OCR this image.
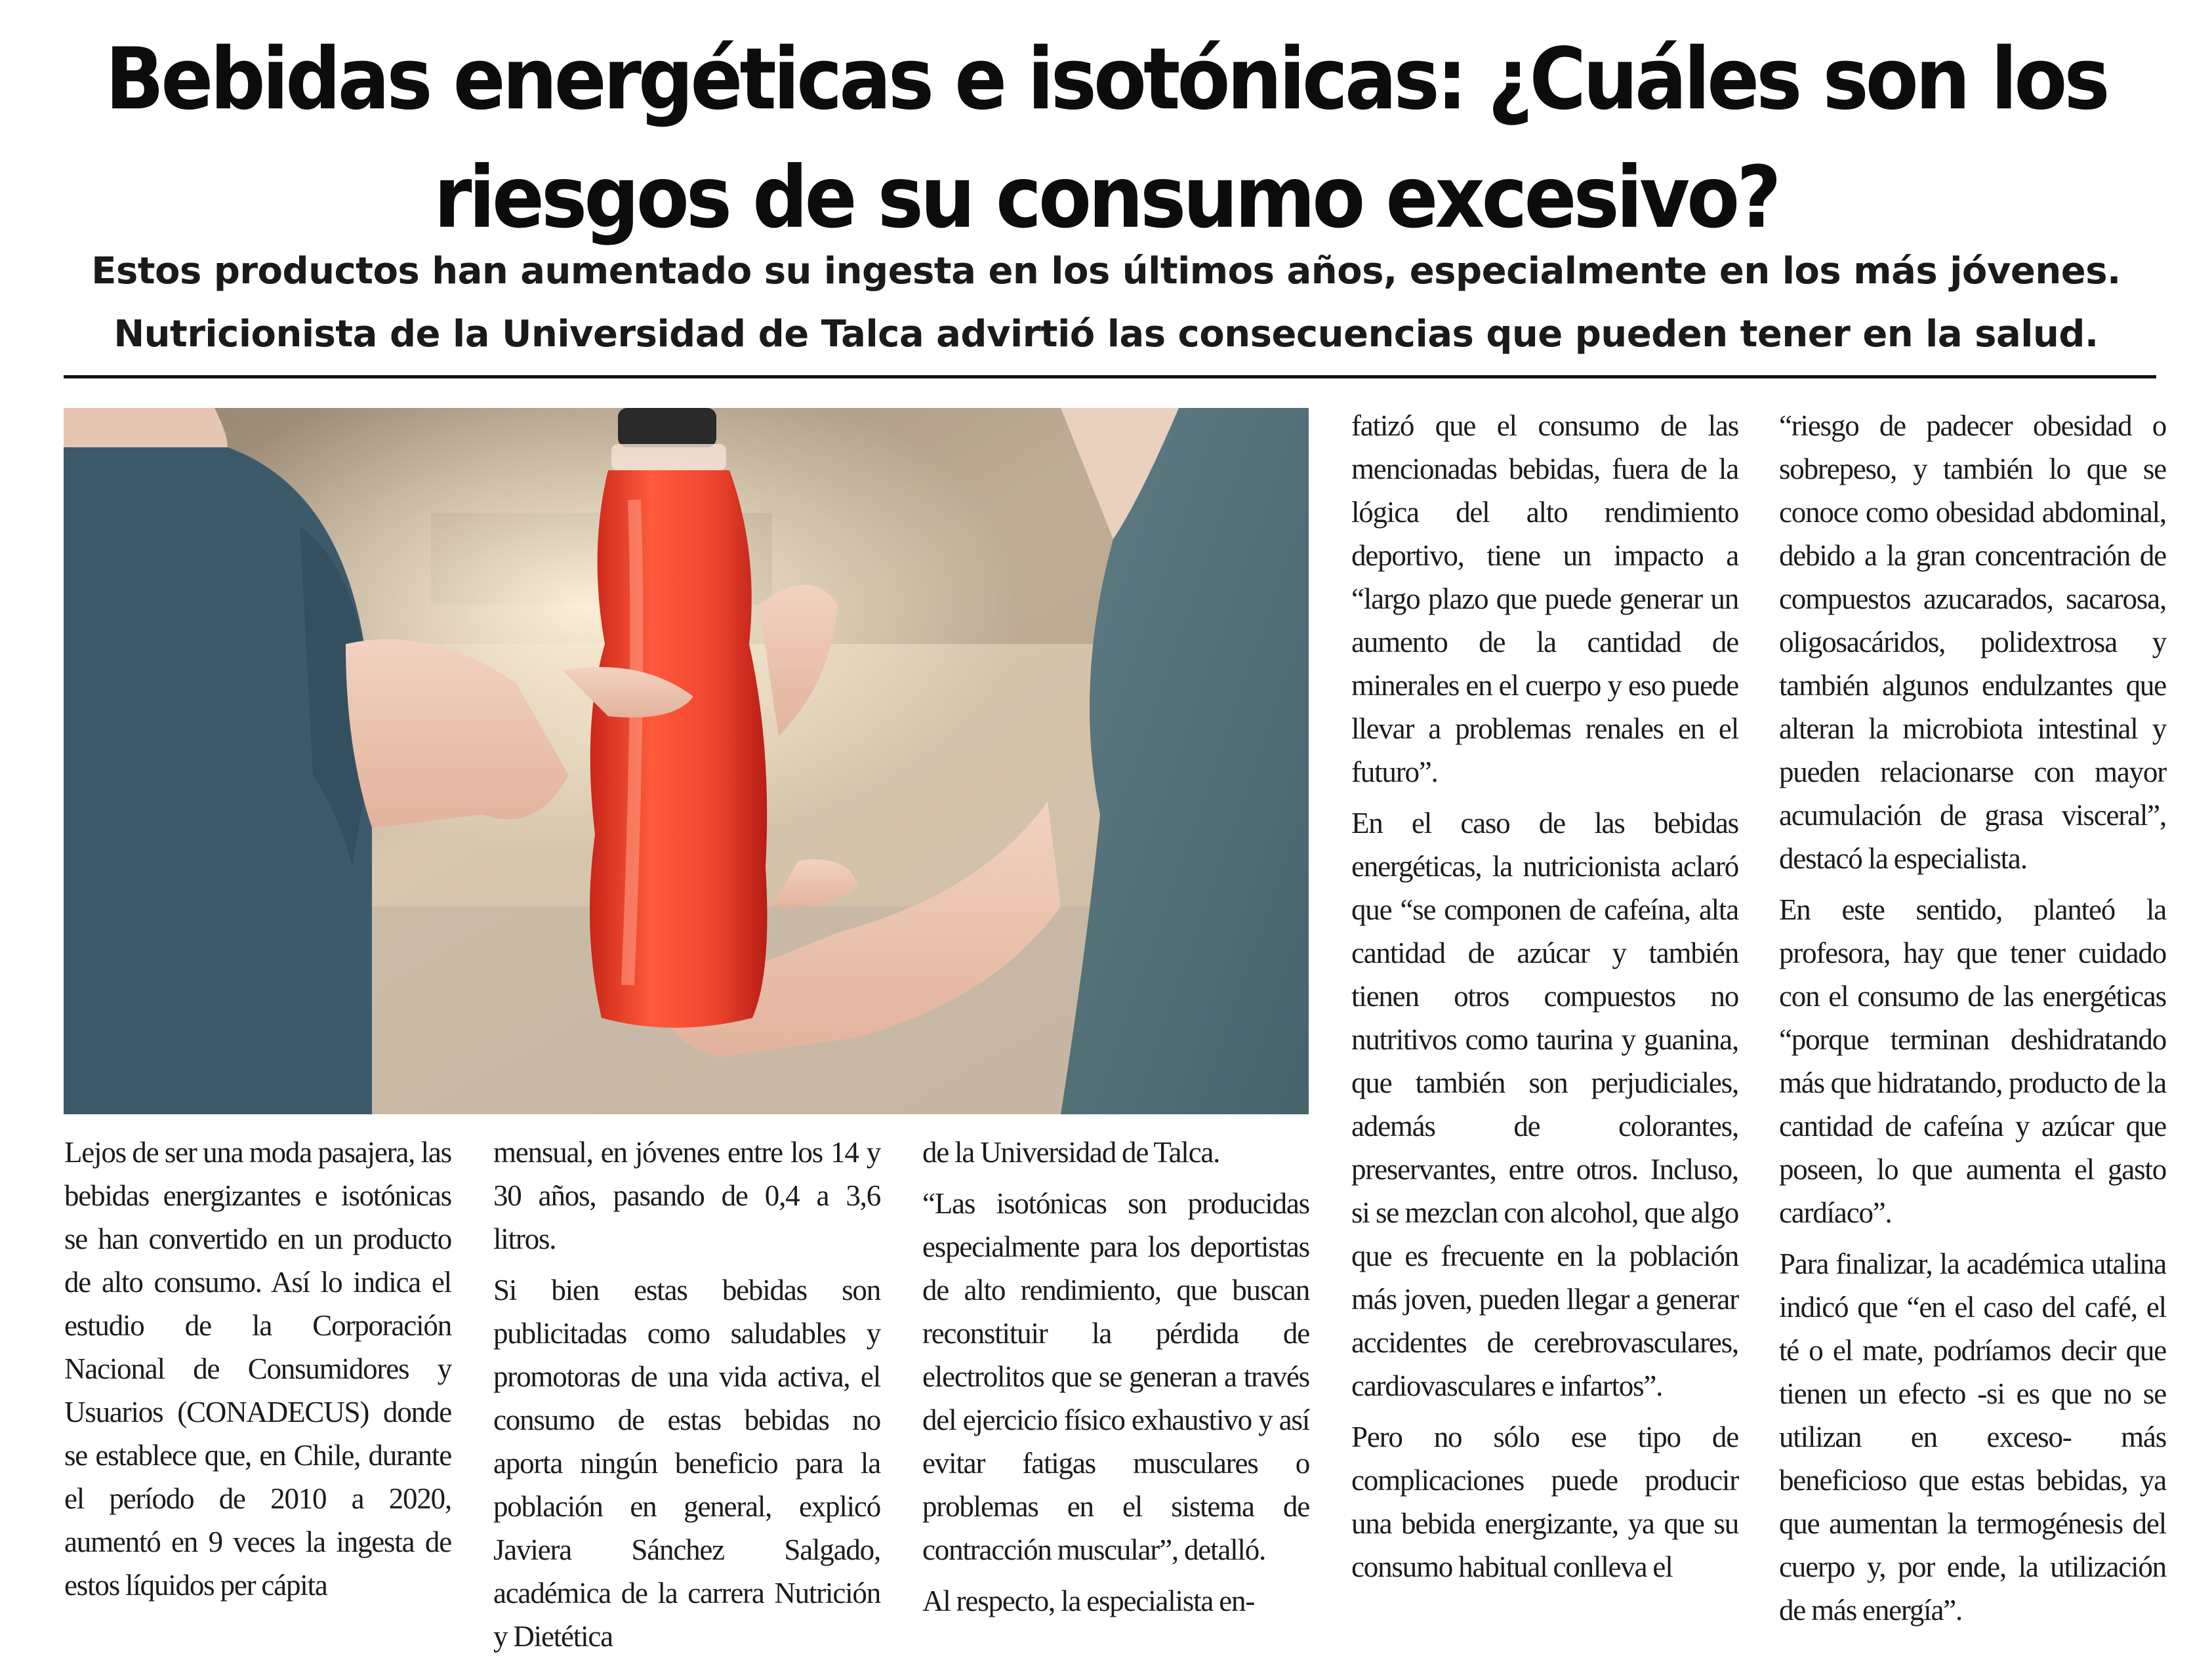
Bebidas energéticas e isotónicas: ¿Cuáles son los
riesgos de su consumo excesivo?
Estos productos han aumentado su ingesta en los últimos años, especialmente en los más jóvenes.
Nutricionista de la Universidad de Talca advirtió las consecuencias que pueden tener en la salud.

Lejos de ser una moda pasajera, las bebidas energizantes e isotónicas se han convertido en un producto de alto consumo. Así lo indica el estudio de la Corporación Nacional de Consumidores y Usuarios (CONADECUS) donde se establece que, en Chile, durante el período de 2010 a 2020, aumentó en 9 veces la ingesta de estos líquidos per cápita

mensual, en jóvenes entre los 14 y 30 años, pasando de 0,4 a 3,6 litros.

Si bien estas bebidas son publicitadas como saludables y promotoras de una vida activa, el consumo de estas bebidas no aporta ningún beneficio para la población en general, explicó Javiera Sánchez Salgado, académica de la carrera Nutrición y Dietética

de la Universidad de Talca.

“Las isotónicas son producidas especialmente para los deportistas de alto rendimiento, que buscan reconstituir la pérdida de electrolitos que se generan a través del ejercicio físico exhaustivo y así evitar fatigas musculares o problemas en el sistema de contracción muscular”, detalló.

Al respecto, la especialista en-

fatizó que el consumo de las mencionadas bebidas, fuera de la lógica del alto rendimiento deportivo, tiene un impacto a “largo plazo que puede generar un aumento de la cantidad de minerales en el cuerpo y eso puede llevar a problemas renales en el futuro”.

En el caso de las bebidas energéticas, la nutricionista aclaró que “se componen de cafeína, alta cantidad de azúcar y también tienen otros compuestos no nutritivos como taurina y guanina, que también son perjudiciales, además de colorantes, preservantes, entre otros. Incluso, si se mezclan con alcohol, que algo que es frecuente en la población más joven, pueden llegar a generar accidentes de cerebrovasculares, cardiovasculares e infartos”.

Pero no sólo ese tipo de complicaciones puede producir una bebida energizante, ya que su consumo habitual conlleva el

“riesgo de padecer obesidad o sobrepeso, y también lo que se conoce como obesidad abdominal, debido a la gran concentración de compuestos azucarados, sacarosa, oligosacáridos, polidextrosa y también algunos endulzantes que alteran la microbiota intestinal y pueden relacionarse con mayor acumulación de grasa visceral”, destacó la especialista.

En este sentido, planteó la profesora, hay que tener cuidado con el consumo de las energéticas “porque terminan deshidratando más que hidratando, producto de la cantidad de cafeína y azúcar que poseen, lo que aumenta el gasto cardíaco”.

Para finalizar, la académica utalina indicó que “en el caso del café, el té o el mate, podríamos decir que tienen un efecto -si es que no se utilizan en exceso- más beneficioso que estas bebidas, ya que aumentan la termogénesis del cuerpo y, por ende, la utilización de más energía”.
